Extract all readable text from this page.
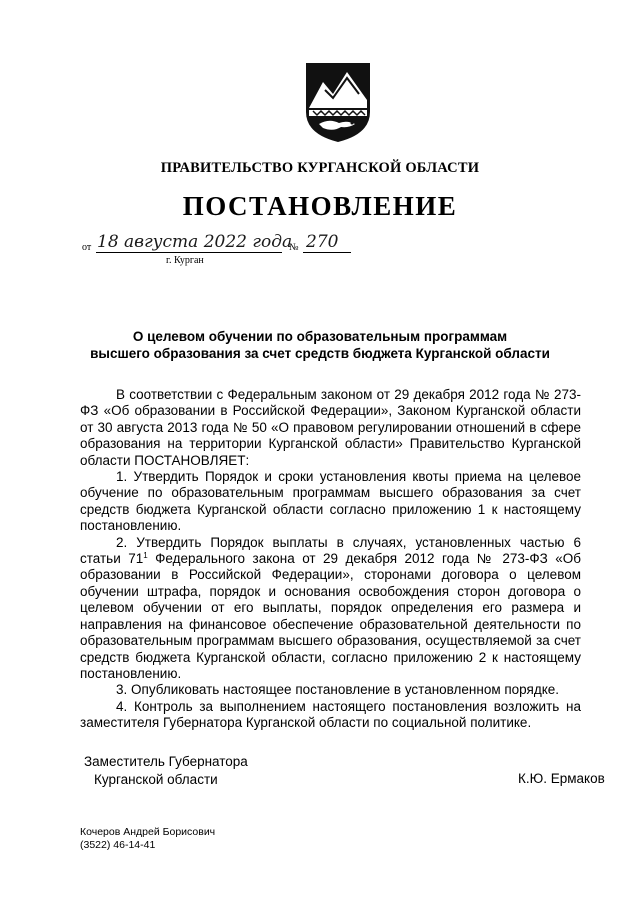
ПРАВИТЕЛЬСТВО КУРГАНСКОЙ ОБЛАСТИ
ПОСТАНОВЛЕНИЕ
от 18 августа 2022 года
№ 270
г. Курган
О целевом обучении по образовательным программам
высшего образования за счет средств бюджета Курганской области

В соответствии с Федеральным законом от 29 декабря 2012 года № 273-ФЗ «Об образовании в Российской Федерации», Законом Курганской области от 30 августа 2013 года № 50 «О правовом регулировании отношений в сфере образования на территории Курганской области» Правительство Курганской области ПОСТАНОВЛЯЕТ:

1. Утвердить Порядок и сроки установления квоты приема на целевое обучение по образовательным программам высшего образования за счет средств бюджета Курганской области согласно приложению 1 к настоящему постановлению.

2. Утвердить Порядок выплаты в случаях, установленных частью 6 статьи $71^1$ Федерального закона от 29 декабря 2012 года № 273-ФЗ «Об образовании в Российской Федерации», сторонами договора о целевом обучении штрафа, порядок и основания освобождения сторон договора о целевом обучении от его выплаты, порядок определения его размера и направления на финансовое обеспечение образовательной деятельности по образовательным программам высшего образования, осуществляемой за счет средств бюджета Курганской области, согласно приложению 2 к настоящему постановлению.

3. Опубликовать настоящее постановление в установленном порядке.

4. Контроль за выполнением настоящего постановления возложить на заместителя Губернатора Курганской области по социальной политике.

Заместитель Губернатора
Курганской области	К.Ю. Ермаков
Кочеров Андрей Борисович
(3522) 46-14-41
